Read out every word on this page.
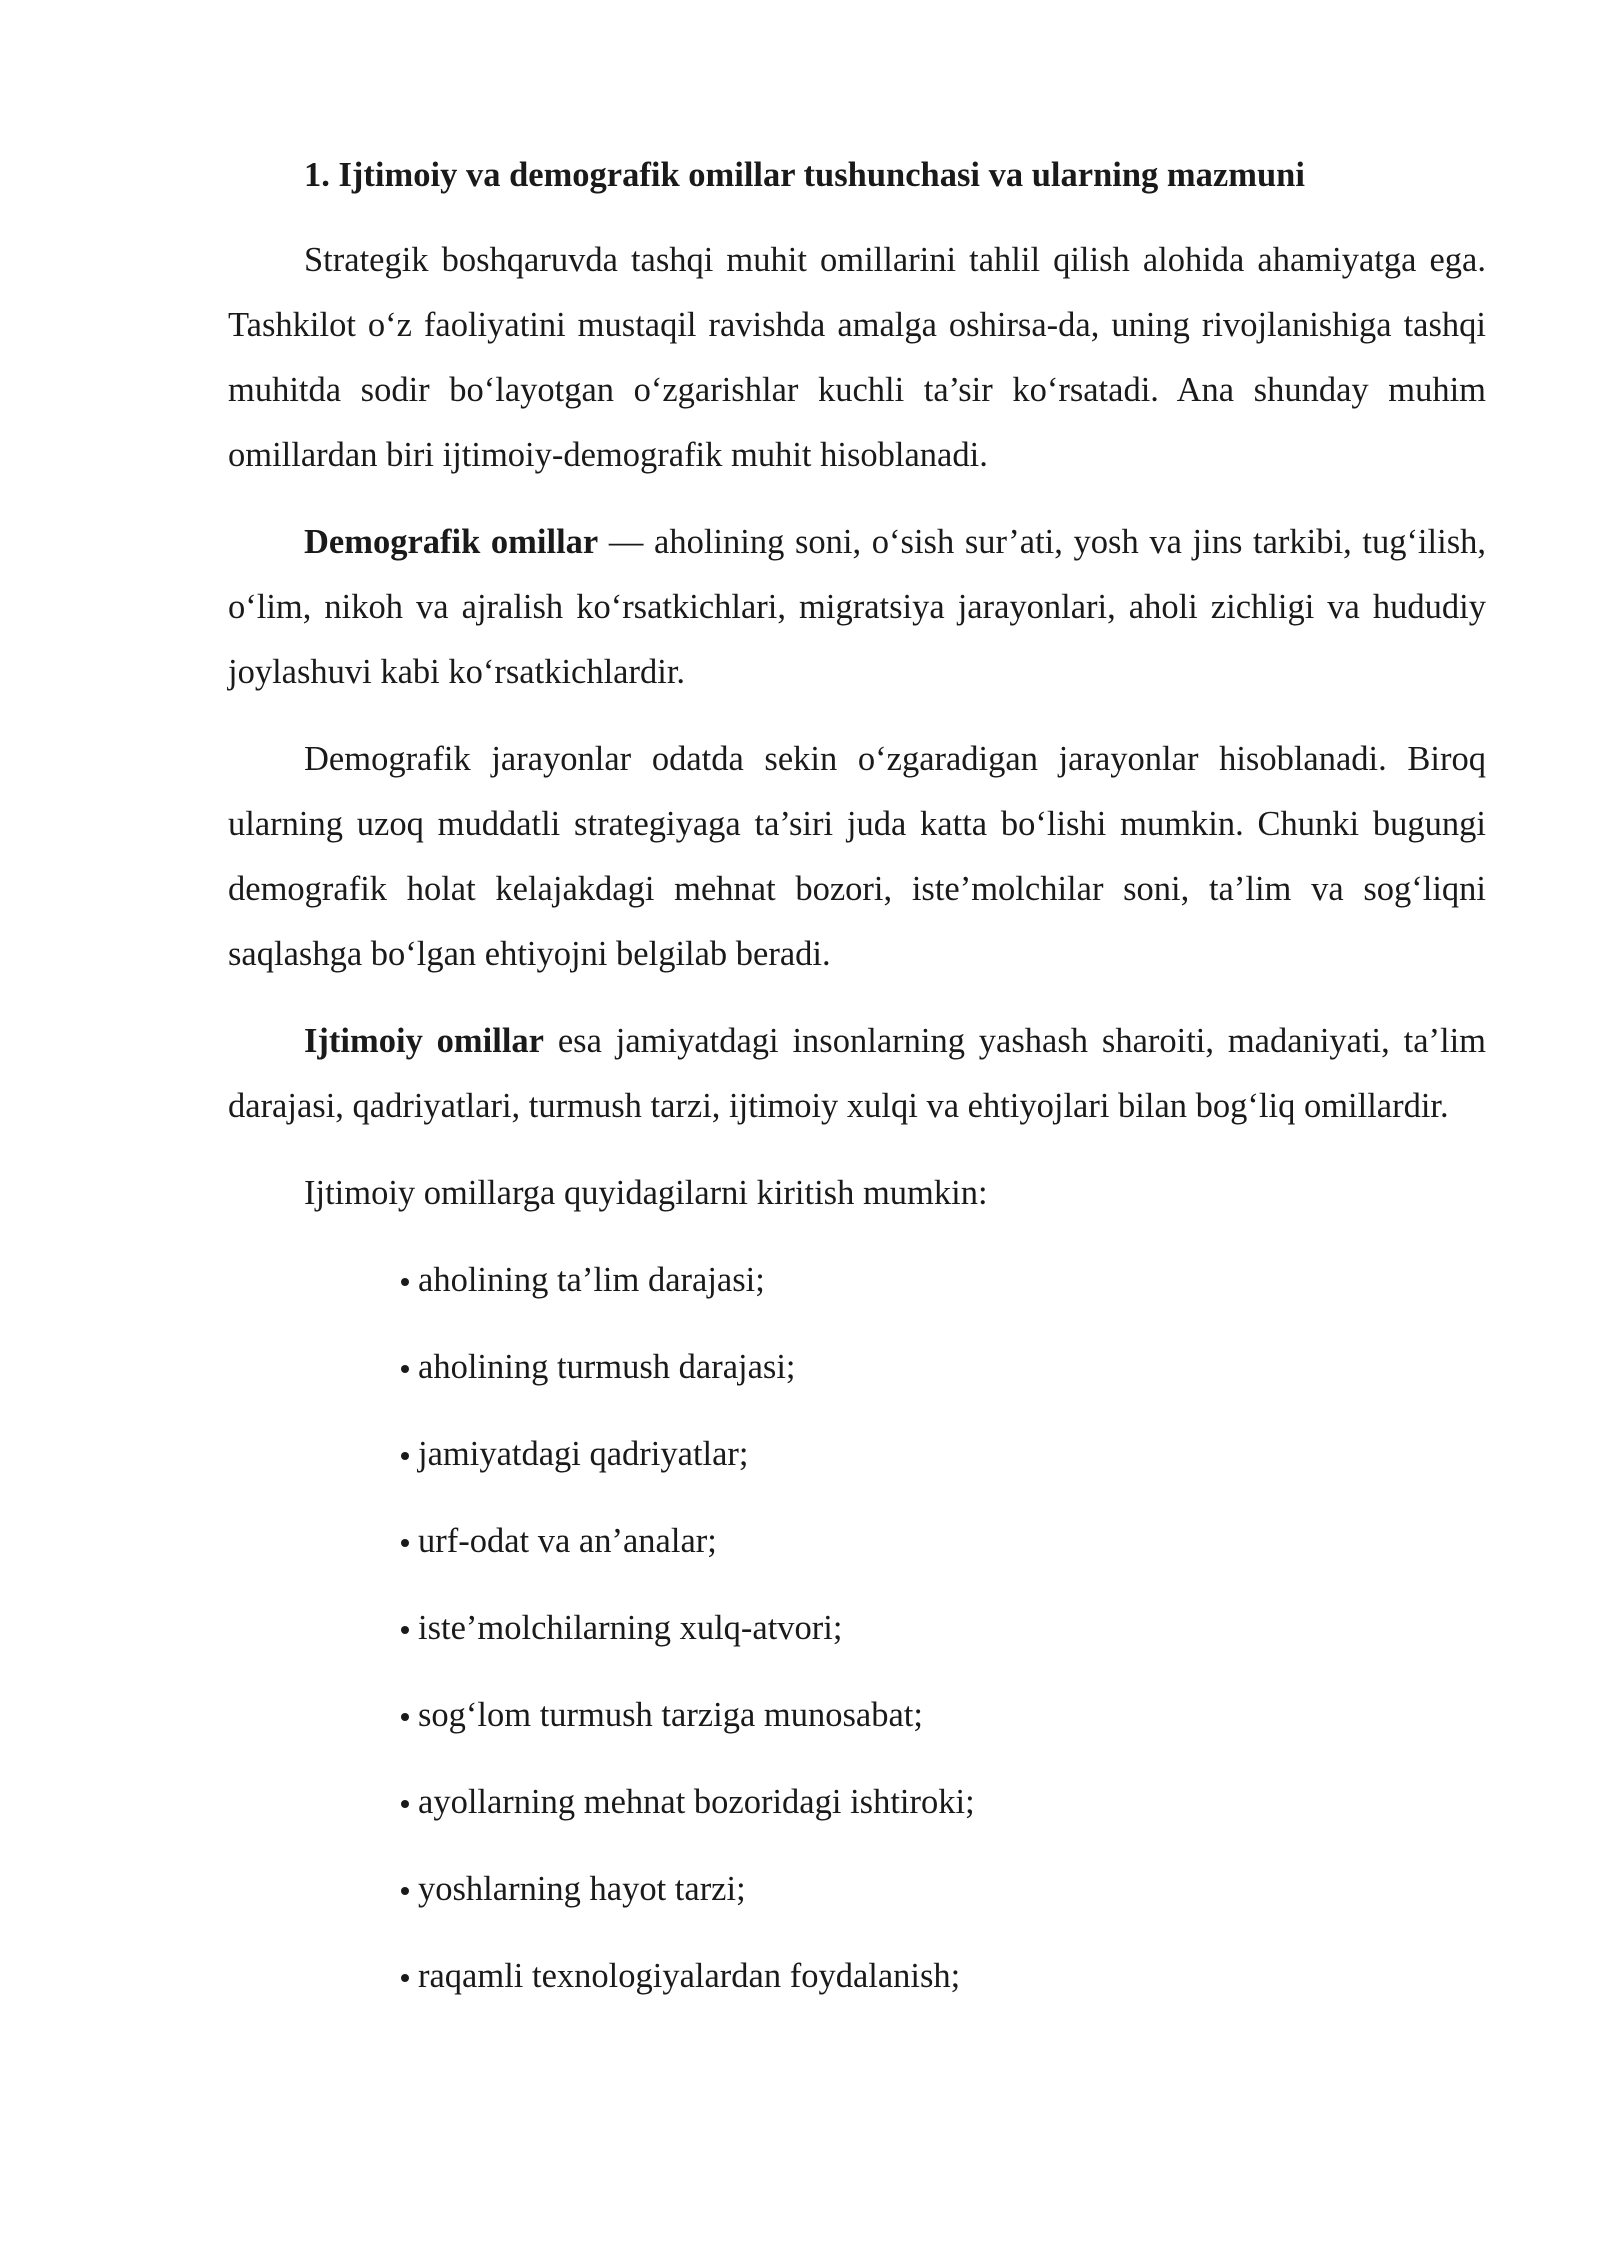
1. Ijtimoiy va demografik omillar tushunchasi va ularning mazmuni

Strategik boshqaruvda tashqi muhit omillarini tahlil qilish alohida ahamiyatga ega. Tashkilot o‘z faoliyatini mustaqil ravishda amalga oshirsa-da, uning rivojlanishiga tashqi muhitda sodir bo‘layotgan o‘zgarishlar kuchli ta’sir ko‘rsatadi. Ana shunday muhim omillardan biri ijtimoiy-demografik muhit hisoblanadi.

Demografik omillar — aholining soni, o‘sish sur’ati, yosh va jins tarkibi, tug‘ilish, o‘lim, nikoh va ajralish ko‘rsatkichlari, migratsiya jarayonlari, aholi zichligi va hududiy joylashuvi kabi ko‘rsatkichlardir.

Demografik jarayonlar odatda sekin o‘zgaradigan jarayonlar hisoblanadi. Biroq ularning uzoq muddatli strategiyaga ta’siri juda katta bo‘lishi mumkin. Chunki bugungi demografik holat kelajakdagi mehnat bozori, iste’molchilar soni, ta’lim va sog‘liqni saqlashga bo‘lgan ehtiyojni belgilab beradi.

Ijtimoiy omillar esa jamiyatdagi insonlarning yashash sharoiti, madaniyati, ta’lim darajasi, qadriyatlari, turmush tarzi, ijtimoiy xulqi va ehtiyojlari bilan bog‘liq omillardir.

Ijtimoiy omillarga quyidagilarni kiritish mumkin:

aholining ta’lim darajasi;
aholining turmush darajasi;
jamiyatdagi qadriyatlar;
urf-odat va an’analar;
iste’molchilarning xulq-atvori;
sog‘lom turmush tarziga munosabat;
ayollarning mehnat bozoridagi ishtiroki;
yoshlarning hayot tarzi;
raqamli texnologiyalardan foydalanish;
